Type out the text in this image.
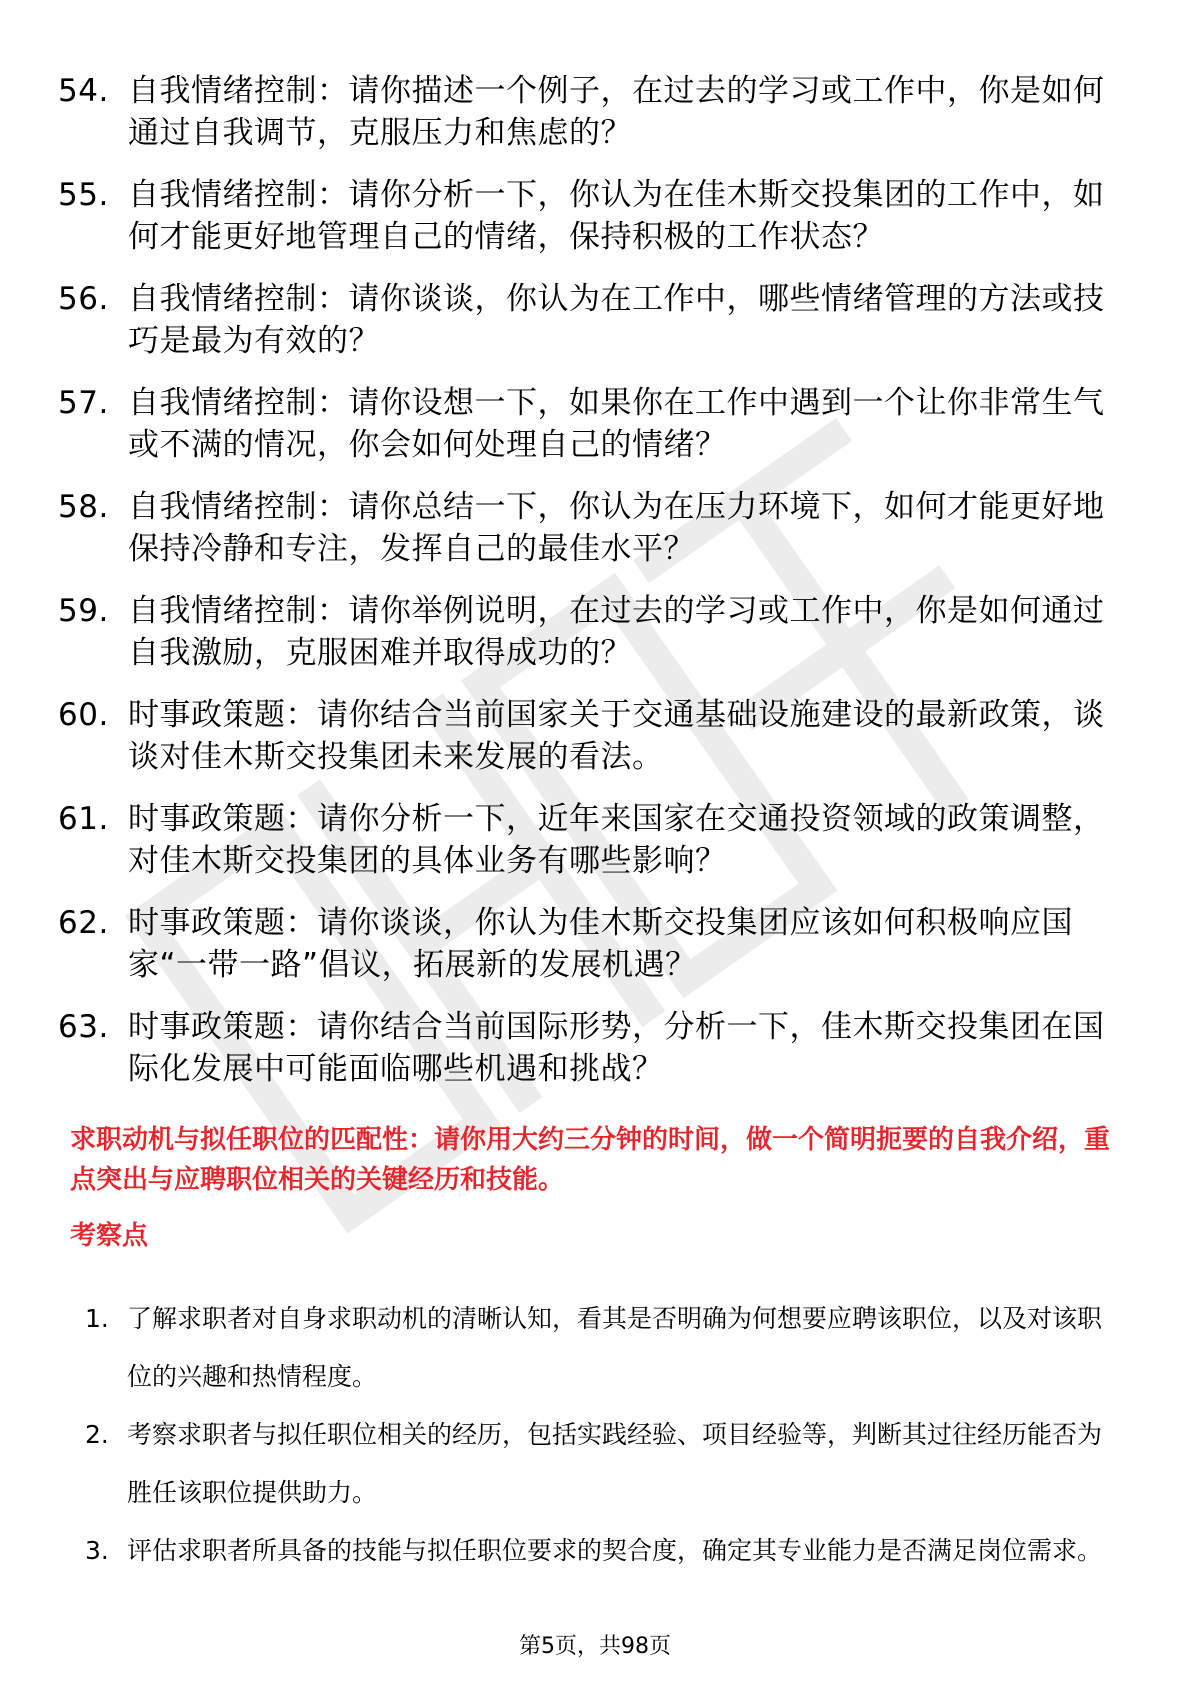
54. 自我情绪控制：请你描述一个例子，在过去的学习或工作中，你是如何通过自我调节，克服压力和焦虑的？
55. 自我情绪控制：请你分析一下，你认为在佳木斯交投集团的工作中，如何才能更好地管理自己的情绪，保持积极的工作状态？
56. 自我情绪控制：请你谈谈，你认为在工作中，哪些情绪管理的方法或技巧是最为有效的？
57. 自我情绪控制：请你设想一下，如果你在工作中遇到一个让你非常生气或不满的情况，你会如何处理自己的情绪？
58. 自我情绪控制：请你总结一下，你认为在压力环境下，如何才能更好地保持冷静和专注，发挥自己的最佳水平？
59. 自我情绪控制：请你举例说明，在过去的学习或工作中，你是如何通过自我激励，克服困难并取得成功的？
60. 时事政策题：请你结合当前国家关于交通基础设施建设的最新政策，谈谈对佳木斯交投集团未来发展的看法。
61. 时事政策题：请你分析一下，近年来国家在交通投资领域的政策调整，对佳木斯交投集团的具体业务有哪些影响？
62. 时事政策题：请你谈谈，你认为佳木斯交投集团应该如何积极响应国家“一带一路”倡议，拓展新的发展机遇？
63. 时事政策题：请你结合当前国际形势，分析一下，佳木斯交投集团在国际化发展中可能面临哪些机遇和挑战？

求职动机与拟任职位的匹配性：请你用大约三分钟的时间，做一个简明扼要的自我介绍，重点突出与应聘职位相关的关键经历和技能。

考察点

1. 了解求职者对自身求职动机的清晰认知，看其是否明确为何想要应聘该职位，以及对该职位的兴趣和热情程度。
2. 考察求职者与拟任职位相关的经历，包括实践经验、项目经验等，判断其过往经历能否为胜任该职位提供助力。
3. 评估求职者所具备的技能与拟任职位要求的契合度，确定其专业能力是否满足岗位需求。
第5页，共98页
